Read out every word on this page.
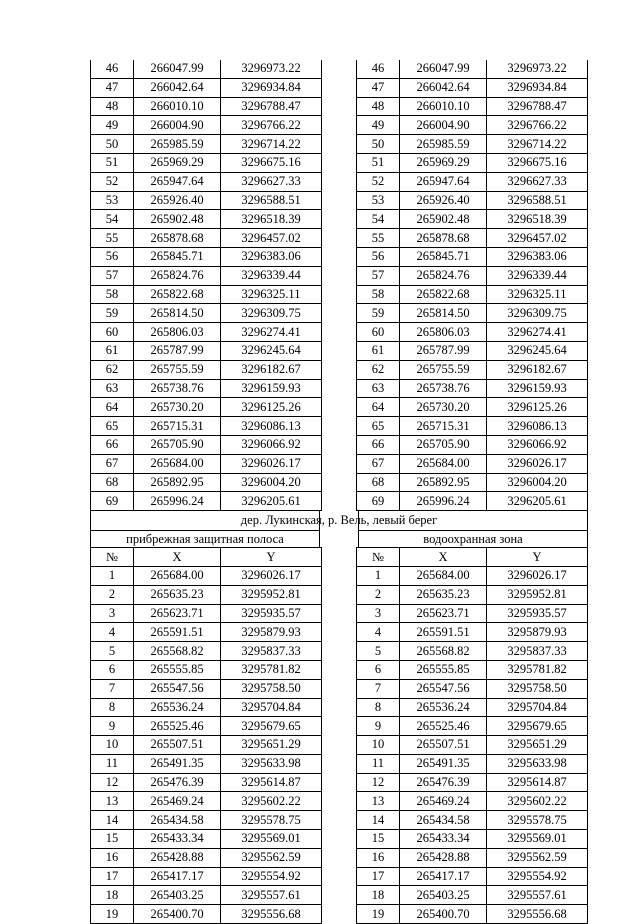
46	266047.99	3296973.22
47	266042.64	3296934.84
48	266010.10	3296788.47
49	266004.90	3296766.22
50	265985.59	3296714.22
51	265969.29	3296675.16
52	265947.64	3296627.33
53	265926.40	3296588.51
54	265902.48	3296518.39
55	265878.68	3296457.02
56	265845.71	3296383.06
57	265824.76	3296339.44
58	265822.68	3296325.11
59	265814.50	3296309.75
60	265806.03	3296274.41
61	265787.99	3296245.64
62	265755.59	3296182.67
63	265738.76	3296159.93
64	265730.20	3296125.26
65	265715.31	3296086.13
66	265705.90	3296066.92
67	265684.00	3296026.17
68	265892.95	3296004.20
69	265996.24	3296205.61
46	266047.99	3296973.22
47	266042.64	3296934.84
48	266010.10	3296788.47
49	266004.90	3296766.22
50	265985.59	3296714.22
51	265969.29	3296675.16
52	265947.64	3296627.33
53	265926.40	3296588.51
54	265902.48	3296518.39
55	265878.68	3296457.02
56	265845.71	3296383.06
57	265824.76	3296339.44
58	265822.68	3296325.11
59	265814.50	3296309.75
60	265806.03	3296274.41
61	265787.99	3296245.64
62	265755.59	3296182.67
63	265738.76	3296159.93
64	265730.20	3296125.26
65	265715.31	3296086.13
66	265705.90	3296066.92
67	265684.00	3296026.17
68	265892.95	3296004.20
69	265996.24	3296205.61
дер. Лукинская, р. Вель, левый берег
прибрежная защитная полоса	водоохранная зона
№	X	Y
1	265684.00	3296026.17
2	265635.23	3295952.81
3	265623.71	3295935.57
4	265591.51	3295879.93
5	265568.82	3295837.33
6	265555.85	3295781.82
7	265547.56	3295758.50
8	265536.24	3295704.84
9	265525.46	3295679.65
10	265507.51	3295651.29
11	265491.35	3295633.98
12	265476.39	3295614.87
13	265469.24	3295602.22
14	265434.58	3295578.75
15	265433.34	3295569.01
16	265428.88	3295562.59
17	265417.17	3295554.92
18	265403.25	3295557.61
19	265400.70	3295556.68
№	X	Y
1	265684.00	3296026.17
2	265635.23	3295952.81
3	265623.71	3295935.57
4	265591.51	3295879.93
5	265568.82	3295837.33
6	265555.85	3295781.82
7	265547.56	3295758.50
8	265536.24	3295704.84
9	265525.46	3295679.65
10	265507.51	3295651.29
11	265491.35	3295633.98
12	265476.39	3295614.87
13	265469.24	3295602.22
14	265434.58	3295578.75
15	265433.34	3295569.01
16	265428.88	3295562.59
17	265417.17	3295554.92
18	265403.25	3295557.61
19	265400.70	3295556.68
